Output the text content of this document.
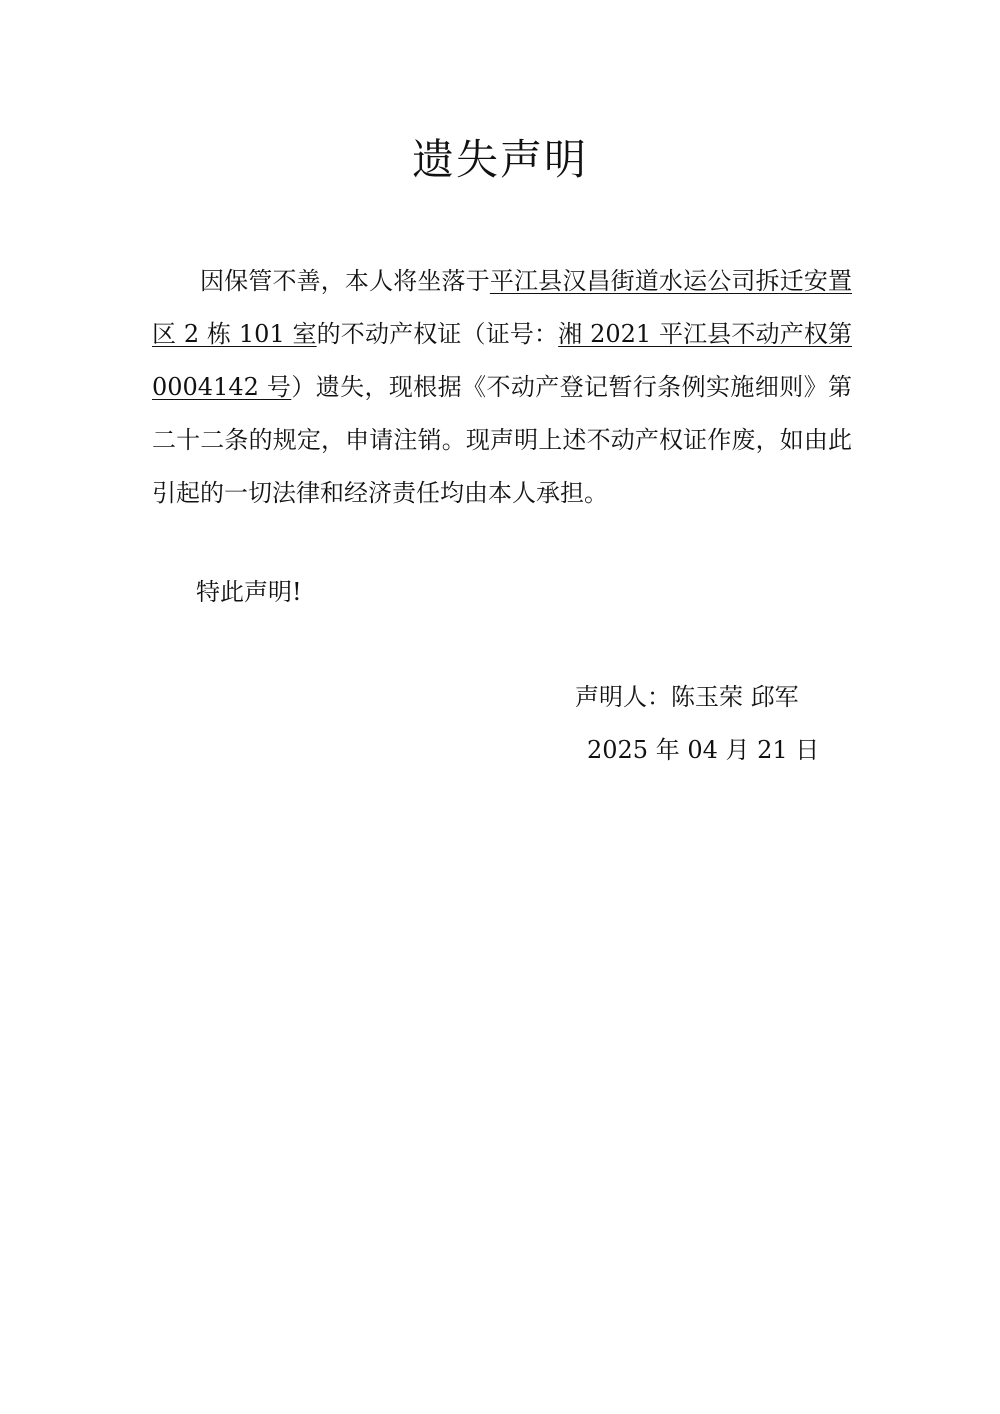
遗失声明
因保管不善，本人将坐落于平江县汉昌街道水运公司拆迁安置区 2 栋 101 室的不动产权证（证号：湘 2021 平江县不动产权第 0004142 号）遗失，现根据《不动产登记暂行条例实施细则》第二十二条的规定，申请注销。现声明上述不动产权证作废，如由此引起的一切法律和经济责任均由本人承担。
特此声明!
声明人：陈玉荣 邱军
2025 年 04 月 21 日
